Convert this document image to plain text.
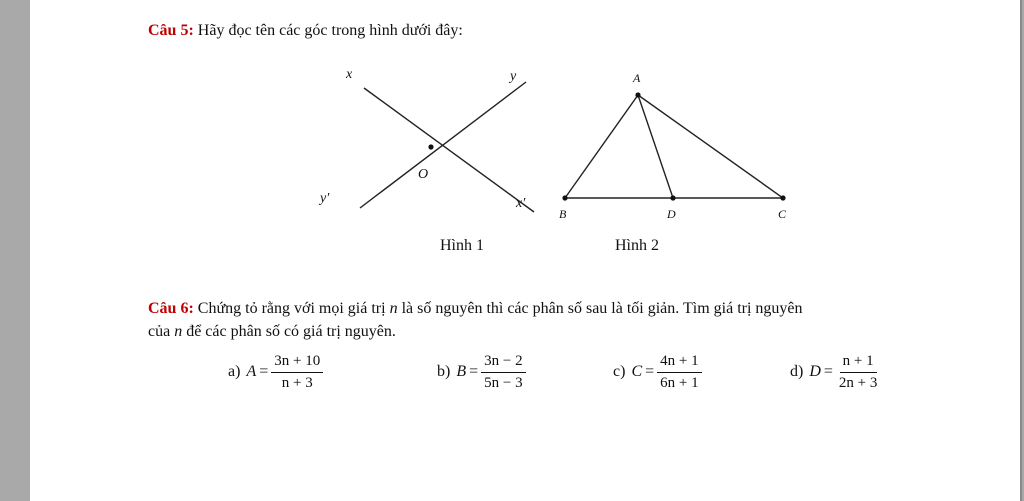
Câu 5: Hãy đọc tên các góc trong hình dưới đây:
x	y
O
y′	x′
A
B	D	C
Hình 1	Hình 2
Câu 6: Chứng tỏ rằng với mọi giá trị n là số nguyên thì các phân số sau là tối giản. Tìm giá trị nguyên
của n để các phân số có giá trị nguyên.
a) $A = \frac{3n + 10}{n + 3}$	b) $B = \frac{3n - 2}{5n - 3}$	c) $C = \frac{4n + 1}{6n + 1}$	d) $D = \frac{n + 1}{2n + 3}$
